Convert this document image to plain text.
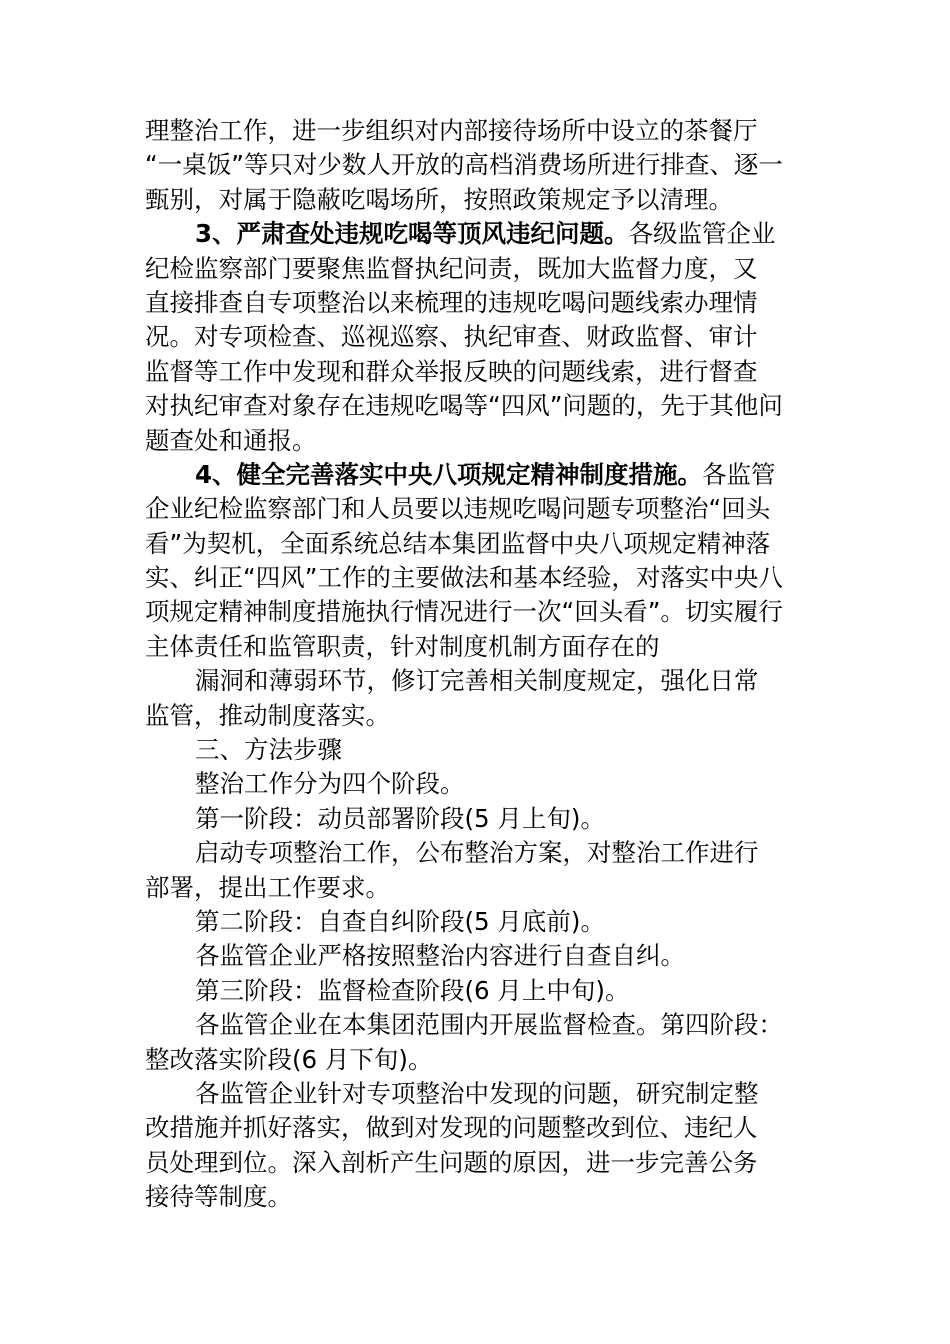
理整治工作，进一步组织对内部接待场所中设立的茶餐厅
“一桌饭”等只对少数人开放的高档消费场所进行排查、逐一
甄别，对属于隐蔽吃喝场所，按照政策规定予以清理。
3、严肃查处违规吃喝等顶风违纪问题。各级监管企业
纪检监察部门要聚焦监督执纪问责，既加大监督力度，又
直接排查自专项整治以来梳理的违规吃喝问题线索办理情
况。对专项检查、巡视巡察、执纪审查、财政监督、审计
监督等工作中发现和群众举报反映的问题线索，进行督查
对执纪审查对象存在违规吃喝等“四风”问题的，先于其他问
题查处和通报。
4、健全完善落实中央八项规定精神制度措施。各监管
企业纪检监察部门和人员要以违规吃喝问题专项整治“回头
看”为契机，全面系统总结本集团监督中央八项规定精神落
实、纠正“四风”工作的主要做法和基本经验，对落实中央八
项规定精神制度措施执行情况进行一次“回头看”。切实履行
主体责任和监管职责，针对制度机制方面存在的
漏洞和薄弱环节，修订完善相关制度规定，强化日常
监管，推动制度落实。
三、方法步骤
整治工作分为四个阶段。
第一阶段：动员部署阶段(5 月上旬)。
启动专项整治工作，公布整治方案，对整治工作进行
部署，提出工作要求。
第二阶段：自查自纠阶段(5 月底前)。
各监管企业严格按照整治内容进行自查自纠。
第三阶段：监督检查阶段(6 月上中旬)。
各监管企业在本集团范围内开展监督检查。第四阶段：
整改落实阶段(6 月下旬)。
各监管企业针对专项整治中发现的问题，研究制定整
改措施并抓好落实，做到对发现的问题整改到位、违纪人
员处理到位。深入剖析产生问题的原因，进一步完善公务
接待等制度。
